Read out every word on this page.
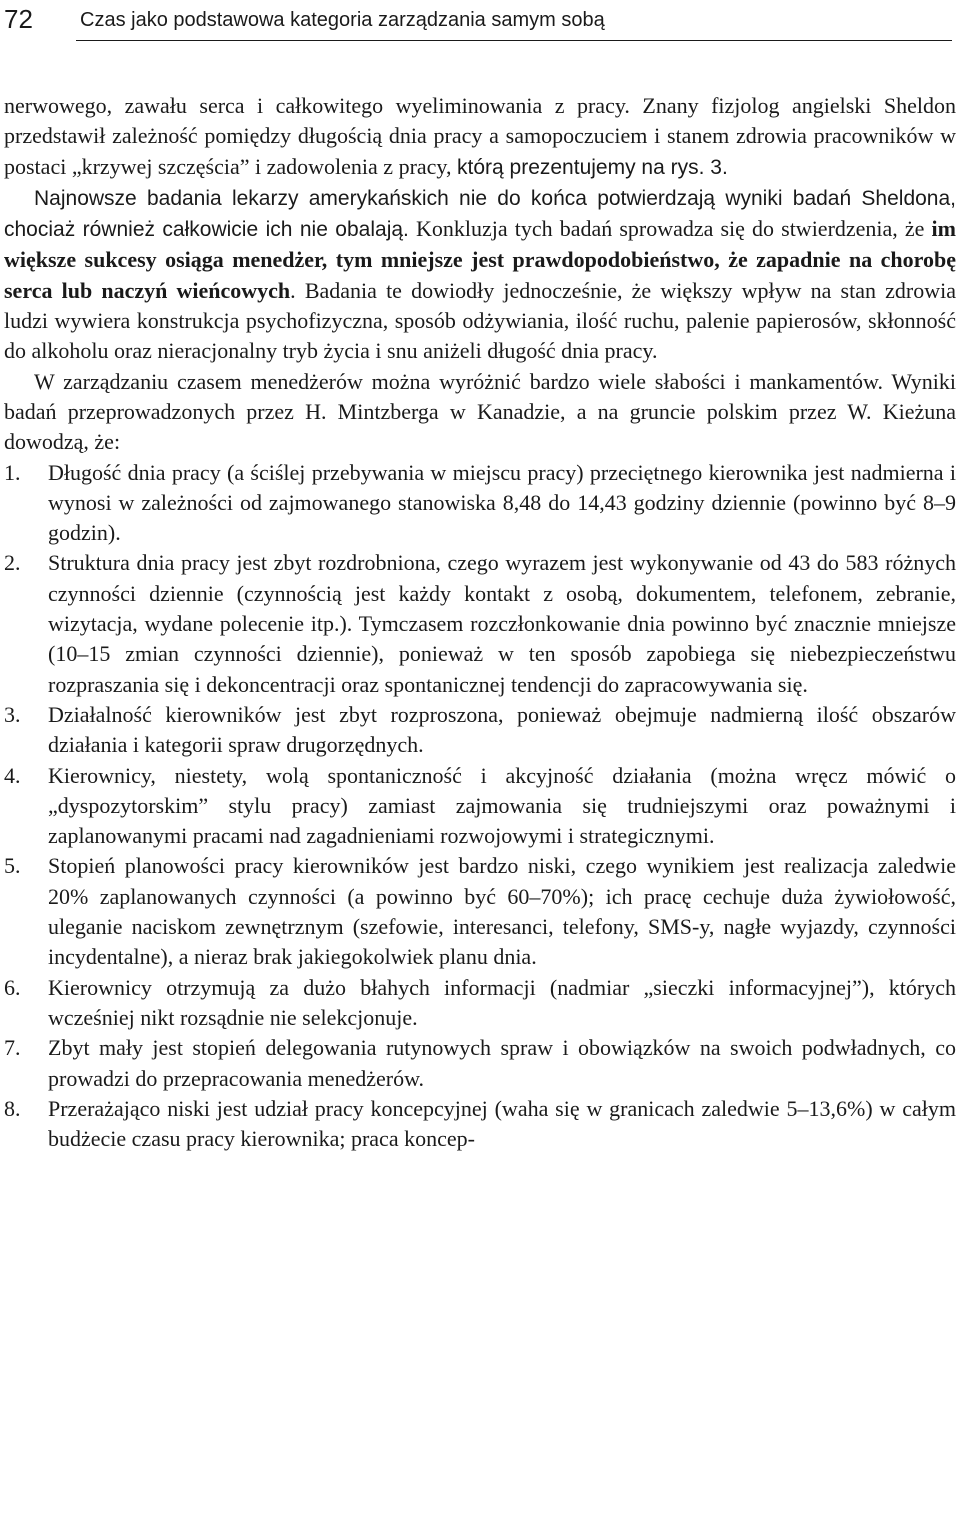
72 Czas jako podstawowa kategoria zarządzania samym sobą

nerwowego, zawału serca i całkowitego wyeliminowania z pracy. Znany fizjolog angielski Sheldon przedstawił zależność pomiędzy długością dnia pracy a samopoczuciem i stanem zdrowia pracowników w postaci „krzywej szczęścia” i zadowolenia z pracy, którą prezentujemy na rys. 3.

Najnowsze badania lekarzy amerykańskich nie do końca potwierdzają wyniki badań Sheldona, chociaż również całkowicie ich nie obalają. Konkluzja tych badań sprowadza się do stwierdzenia, że im większe sukcesy osiąga menedżer, tym mniejsze jest prawdopodobieństwo, że zapadnie na chorobę serca lub naczyń wieńcowych. Badania te dowiodły jednocześnie, że większy wpływ na stan zdrowia ludzi wywiera konstrukcja psychofizyczna, sposób odżywiania, ilość ruchu, palenie papierosów, skłonność do alkoholu oraz nieracjonalny tryb życia i snu aniżeli długość dnia pracy.

W zarządzaniu czasem menedżerów można wyróżnić bardzo wiele słabości i mankamentów. Wyniki badań przeprowadzonych przez H. Mintzberga w Kanadzie, a na gruncie polskim przez W. Kieżuna dowodzą, że:

1. Długość dnia pracy (a ściślej przebywania w miejscu pracy) przeciętnego kierownika jest nadmierna i wynosi w zależności od zajmowanego stanowiska 8,48 do 14,43 godziny dziennie (powinno być 8–9 godzin).
2. Struktura dnia pracy jest zbyt rozdrobniona, czego wyrazem jest wykonywanie od 43 do 583 różnych czynności dziennie (czynnością jest każdy kontakt z osobą, dokumentem, telefonem, zebranie, wizytacja, wydane polecenie itp.). Tymczasem rozczłonkowanie dnia powinno być znacznie mniejsze (10–15 zmian czynności dziennie), ponieważ w ten sposób zapobiega się niebezpieczeństwu rozpraszania się i dekoncentracji oraz spontanicznej tendencji do zapracowywania się.
3. Działalność kierowników jest zbyt rozproszona, ponieważ obejmuje nadmierną ilość obszarów działania i kategorii spraw drugorzędnych.
4. Kierownicy, niestety, wolą spontaniczność i akcyjność działania (można wręcz mówić o „dyspozytorskim” stylu pracy) zamiast zajmowania się trudniejszymi oraz poważnymi i zaplanowanymi pracami nad zagadnieniami rozwojowymi i strategicznymi.
5. Stopień planowości pracy kierowników jest bardzo niski, czego wynikiem jest realizacja zaledwie 20% zaplanowanych czynności (a powinno być 60–70%); ich pracę cechuje duża żywiołowość, uleganie naciskom zewnętrznym (szefowie, interesanci, telefony, SMS-y, nagłe wyjazdy, czynności incydentalne), a nieraz brak jakiegokolwiek planu dnia.
6. Kierownicy otrzymują za dużo błahych informacji (nadmiar „sieczki informacyjnej”), których wcześniej nikt rozsądnie nie selekcjonuje.
7. Zbyt mały jest stopień delegowania rutynowych spraw i obowiązków na swoich podwładnych, co prowadzi do przepracowania menedżerów.
8. Przerażająco niski jest udział pracy koncepcyjnej (waha się w granicach zaledwie 5–13,6%) w całym budżecie czasu pracy kierownika; praca koncep-
